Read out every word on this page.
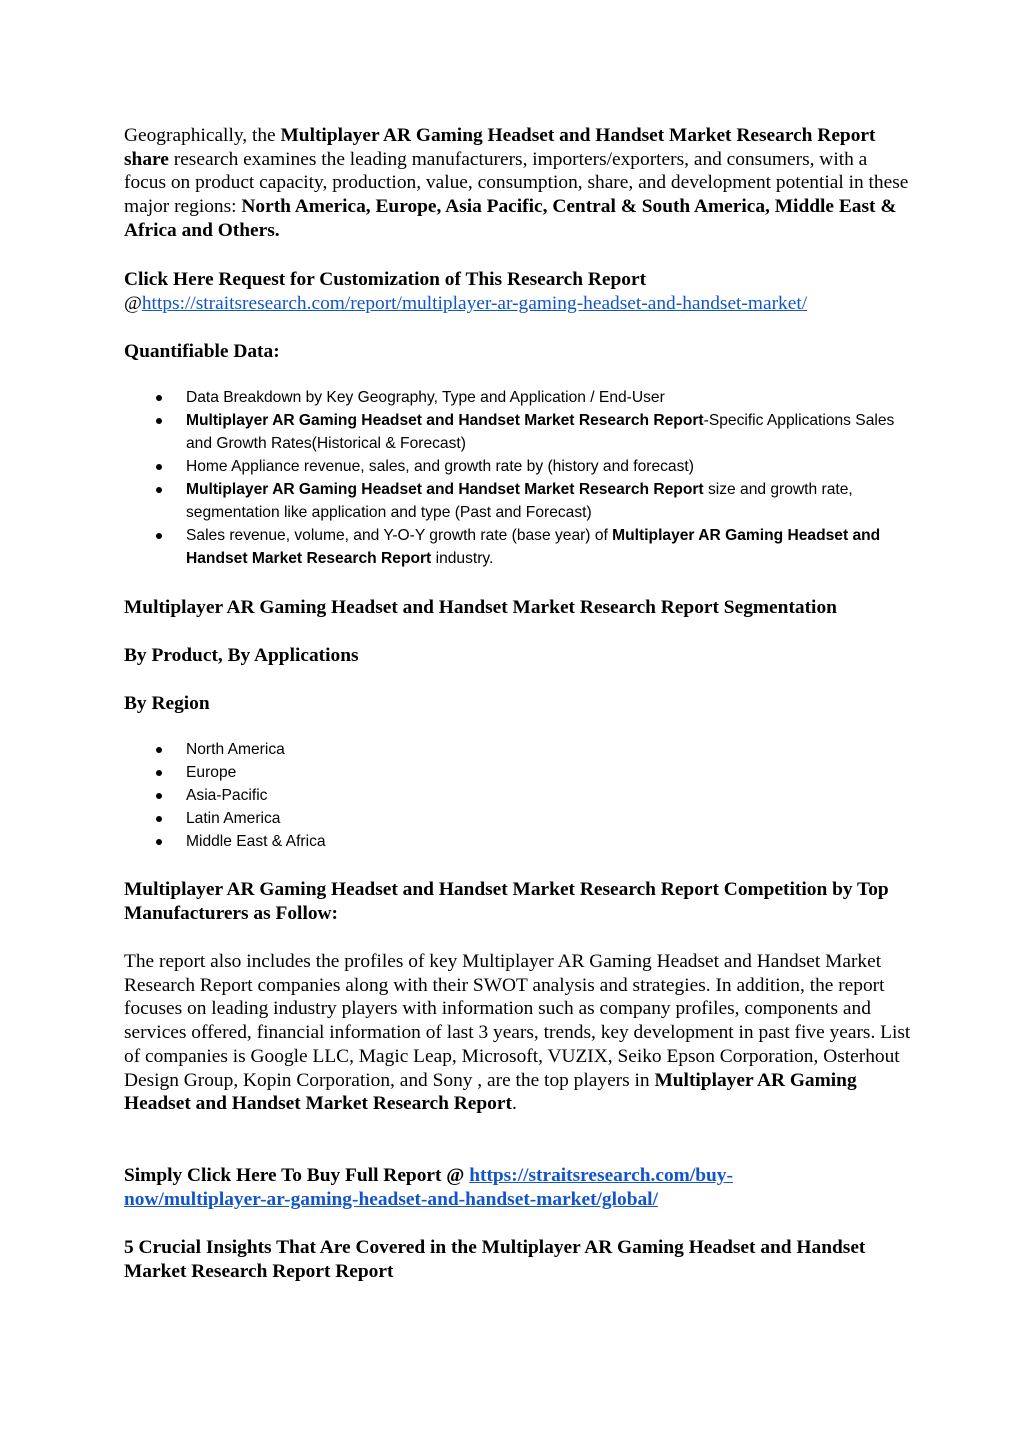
Geographically, the Multiplayer AR Gaming Headset and Handset Market Research Report share research examines the leading manufacturers, importers/exporters, and consumers, with a focus on product capacity, production, value, consumption, share, and development potential in these major regions: North America, Europe, Asia Pacific, Central & South America, Middle East & Africa and Others.

Click Here Request for Customization of This Research Report

@https://straitsresearch.com/report/multiplayer-ar-gaming-headset-and-handset-market/

Quantifiable Data:

Data Breakdown by Key Geography, Type and Application / End-User
Multiplayer AR Gaming Headset and Handset Market Research Report-Specific Applications Sales and Growth Rates(Historical & Forecast)
Home Appliance revenue, sales, and growth rate by (history and forecast)
Multiplayer AR Gaming Headset and Handset Market Research Report size and growth rate, segmentation like application and type (Past and Forecast)
Sales revenue, volume, and Y-O-Y growth rate (base year) of Multiplayer AR Gaming Headset and Handset Market Research Report industry.

Multiplayer AR Gaming Headset and Handset Market Research Report Segmentation

By Product, By Applications

By Region

North America
Europe
Asia-Pacific
Latin America
Middle East & Africa

Multiplayer AR Gaming Headset and Handset Market Research Report Competition by Top Manufacturers as Follow:

The report also includes the profiles of key Multiplayer AR Gaming Headset and Handset Market Research Report companies along with their SWOT analysis and strategies. In addition, the report focuses on leading industry players with information such as company profiles, components and services offered, financial information of last 3 years, trends, key development in past five years. List of companies is Google LLC, Magic Leap, Microsoft, VUZIX, Seiko Epson Corporation, Osterhout Design Group, Kopin Corporation, and Sony , are the top players in Multiplayer AR Gaming Headset and Handset Market Research Report.

Simply Click Here To Buy Full Report @ https://straitsresearch.com/buy-now/multiplayer-ar-gaming-headset-and-handset-market/global/

5 Crucial Insights That Are Covered in the Multiplayer AR Gaming Headset and Handset Market Research Report Report
